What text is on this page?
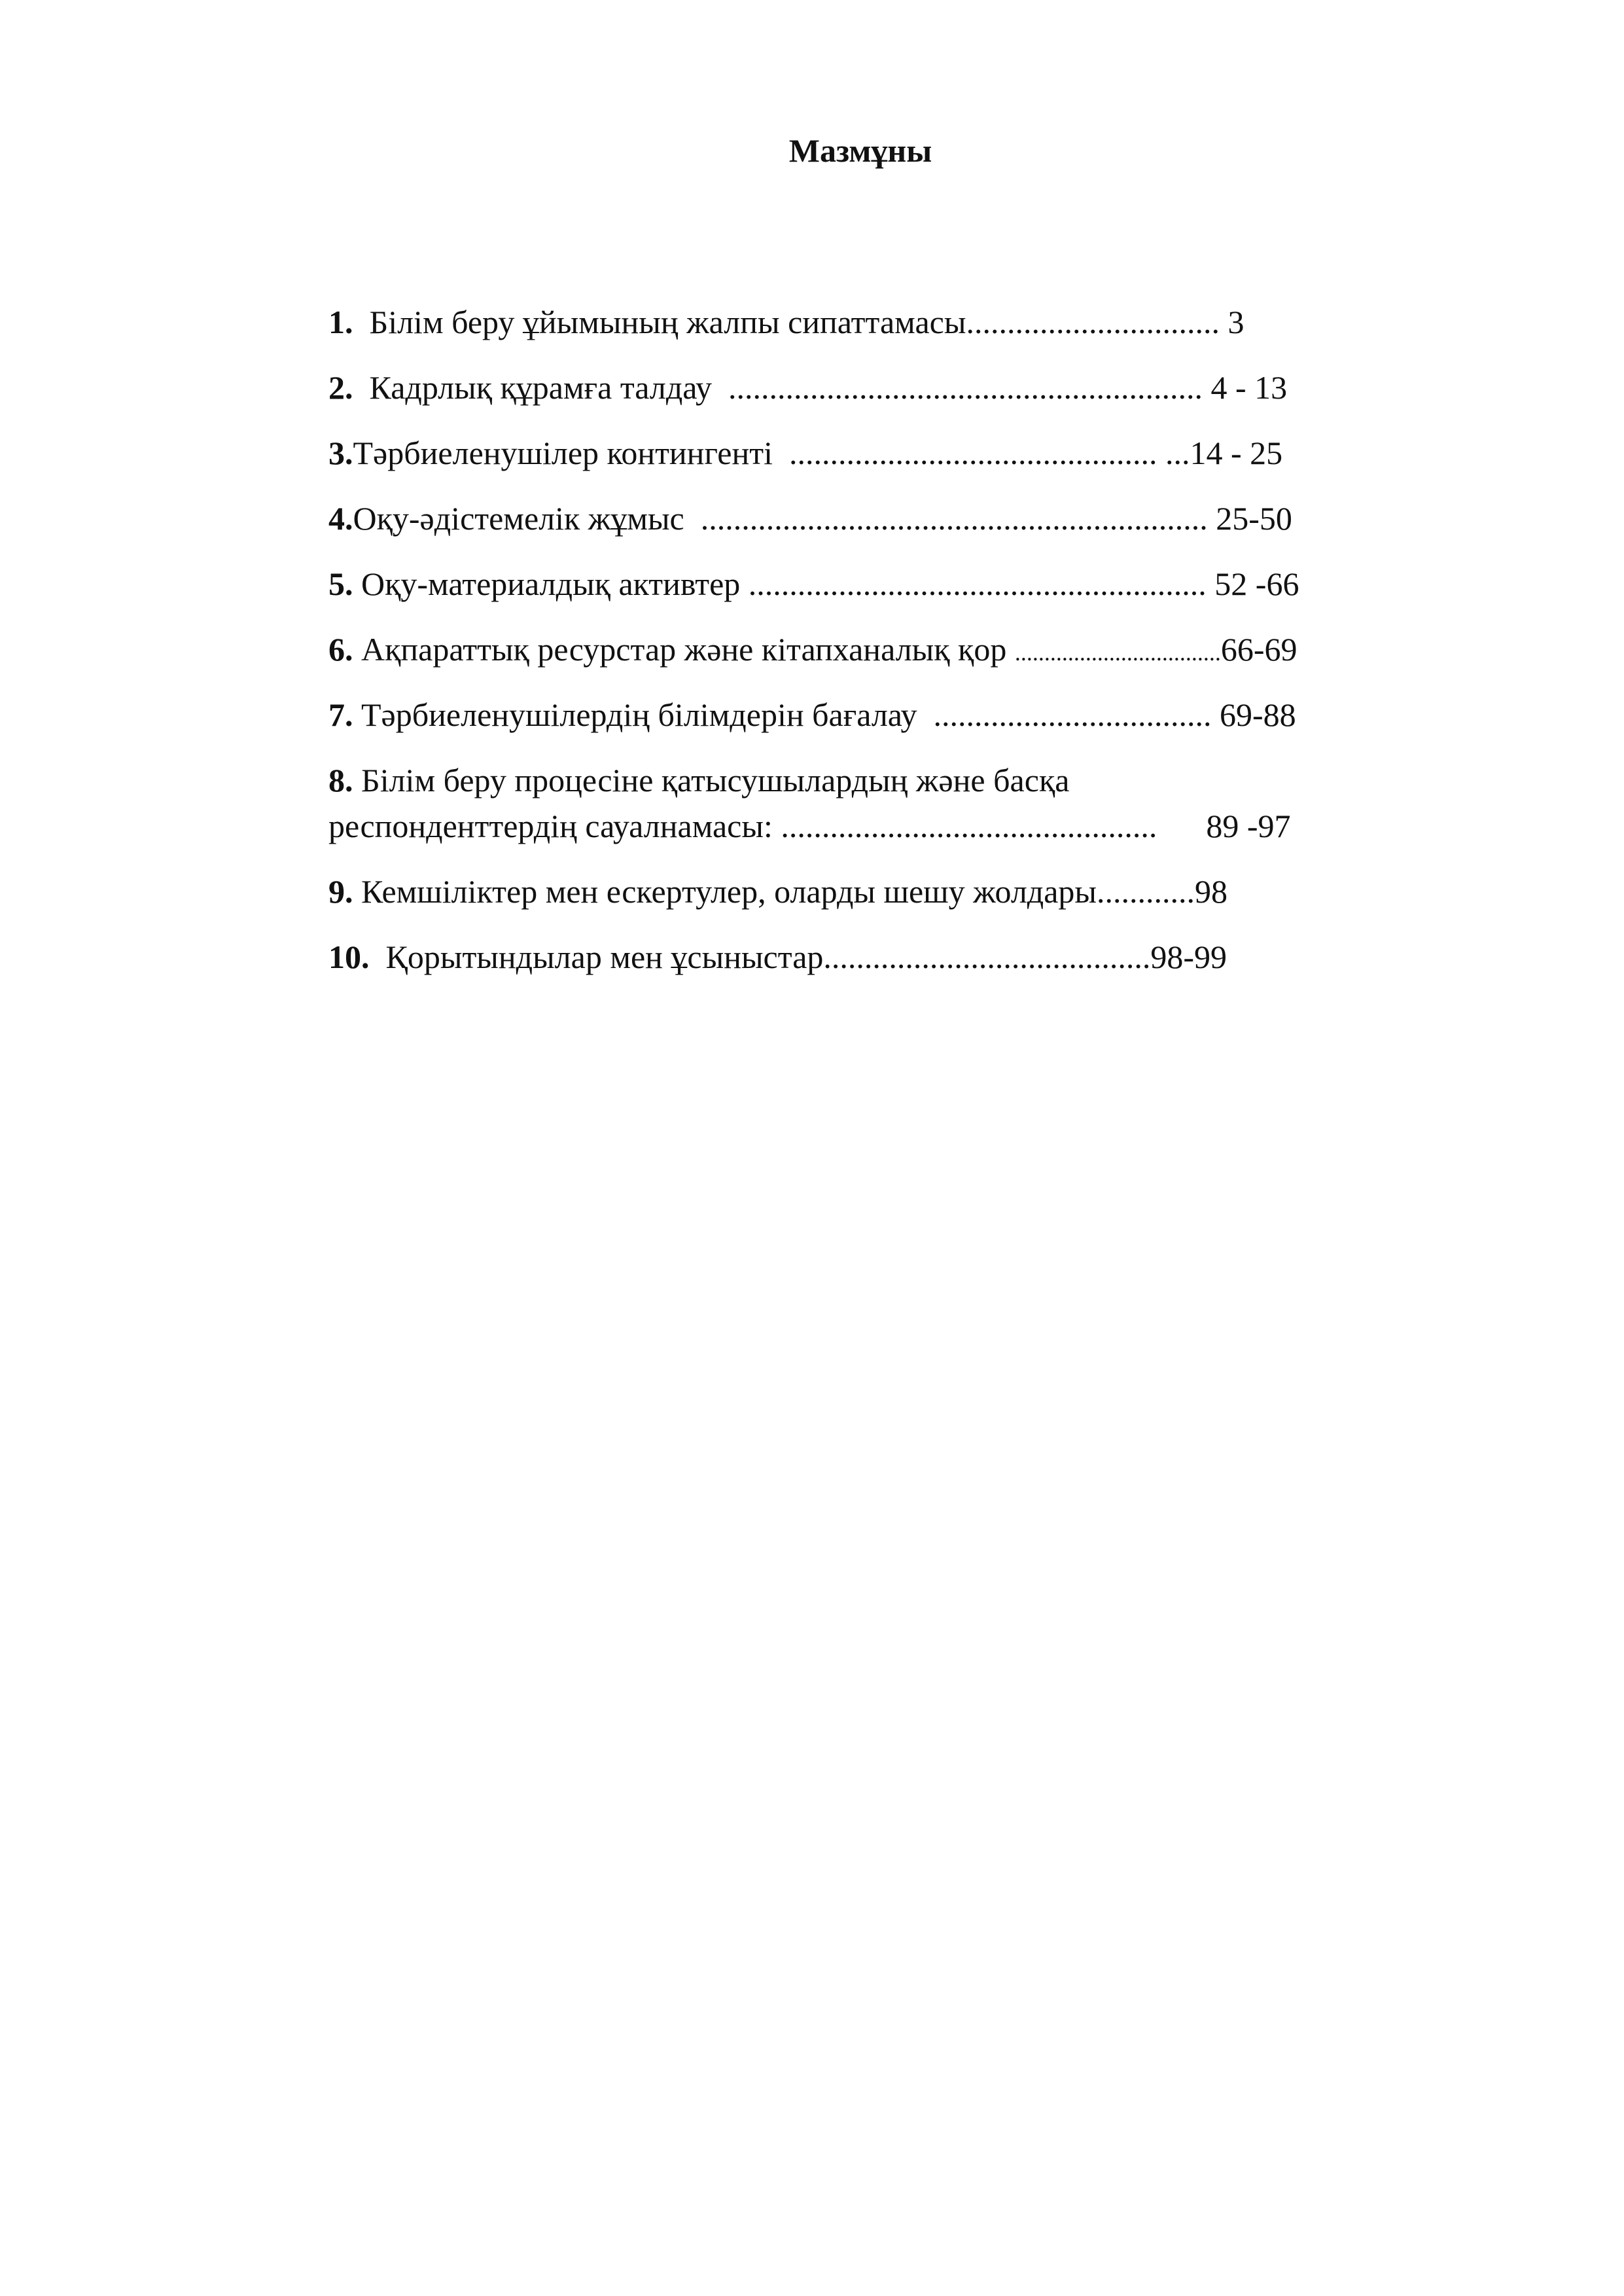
Мазмұны
1. Білім беру ұйымының жалпы сипаттамасы............................... 3
2. Кадрлық құрамға талдау  .......................................................... 4 - 13
3.Тәрбиеленушілер контингенті  ............................................. ...14 - 25
4.Оқу-әдістемелік жұмыс  .............................................................. 25-50
5. Оқу-материалдық активтер ........................................................ 52 -66
6. Ақпараттық ресурстар және кітапханалық қор ...................................66-69
7. Тәрбиеленушілердің білімдерін бағалау  .................................. 69-88
8. Білім беру процесіне қатысушылардың және басқа
респонденттердің сауалнамасы: ..............................................      89 -97
9. Кемшіліктер мен ескертулер, оларды шешу жолдары............98
10. Қорытындылар мен ұсыныстар........................................98-99
